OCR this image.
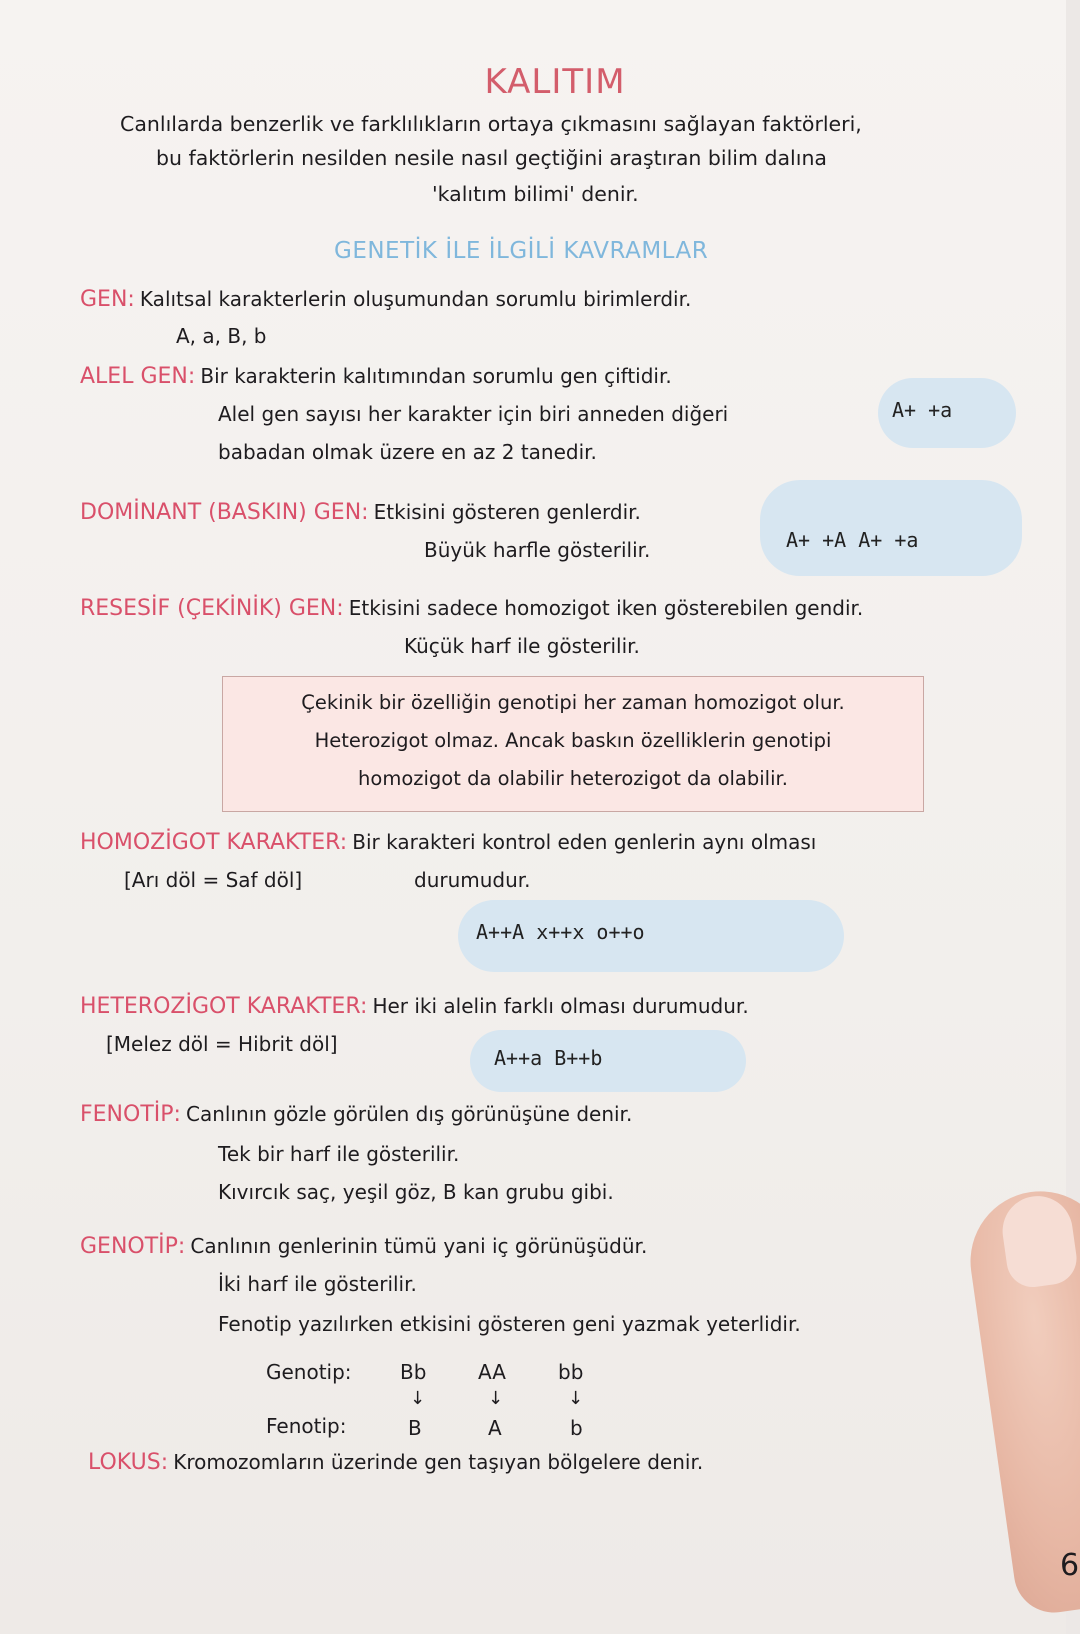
KALITIM
Canlılarda benzerlik ve farklılıkların ortaya çıkmasını sağlayan faktörleri,
bu faktörlerin nesilden nesile nasıl geçtiğini araştıran bilim dalına
'kalıtım bilimi' denir.
GENETİK İLE İLGİLİ KAVRAMLAR
GEN: Kalıtsal karakterlerin oluşumundan sorumlu birimlerdir.
A, a, B, b
ALEL GEN: Bir karakterin kalıtımından sorumlu gen çiftidir.
Alel gen sayısı her karakter için biri anneden diğeri
babadan olmak üzere en az 2 tanedir.
A+ +a
DOMİNANT (BASKIN) GEN: Etkisini gösteren genlerdir.
Büyük harfle gösterilir.	A+ +A A+ +a
RESESİF (ÇEKİNİK) GEN: Etkisini sadece homozigot iken gösterebilen gendir.
Küçük harf ile gösterilir.

Çekinik bir özelliğin genotipi her zaman homozigot olur.

Heterozigot olmaz. Ancak baskın özelliklerin genotipi

homozigot da olabilir heterozigot da olabilir.

HOMOZİGOT KARAKTER: Bir karakteri kontrol eden genlerin aynı olması
[Arı döl = Saf döl]	durumudur.
A++A x++x o++o
HETEROZİGOT KARAKTER: Her iki alelin farklı olması durumudur.
[Melez döl = Hibrit döl]
A++a B++b
FENOTİP: Canlının gözle görülen dış görünüşüne denir.
Tek bir harf ile gösterilir.
Kıvırcık saç, yeşil göz, B kan grubu gibi.
GENOTİP: Canlının genlerinin tümü yani iç görünüşüdür.
İki harf ile gösterilir.
Fenotip yazılırken etkisini gösteren geni yazmak yeterlidir.
Genotip: Bb	AA	bb
↓	↓	↓
Fenotip:	B	A	b
LOKUS: Kromozomların üzerinde gen taşıyan bölgelere denir.
6
